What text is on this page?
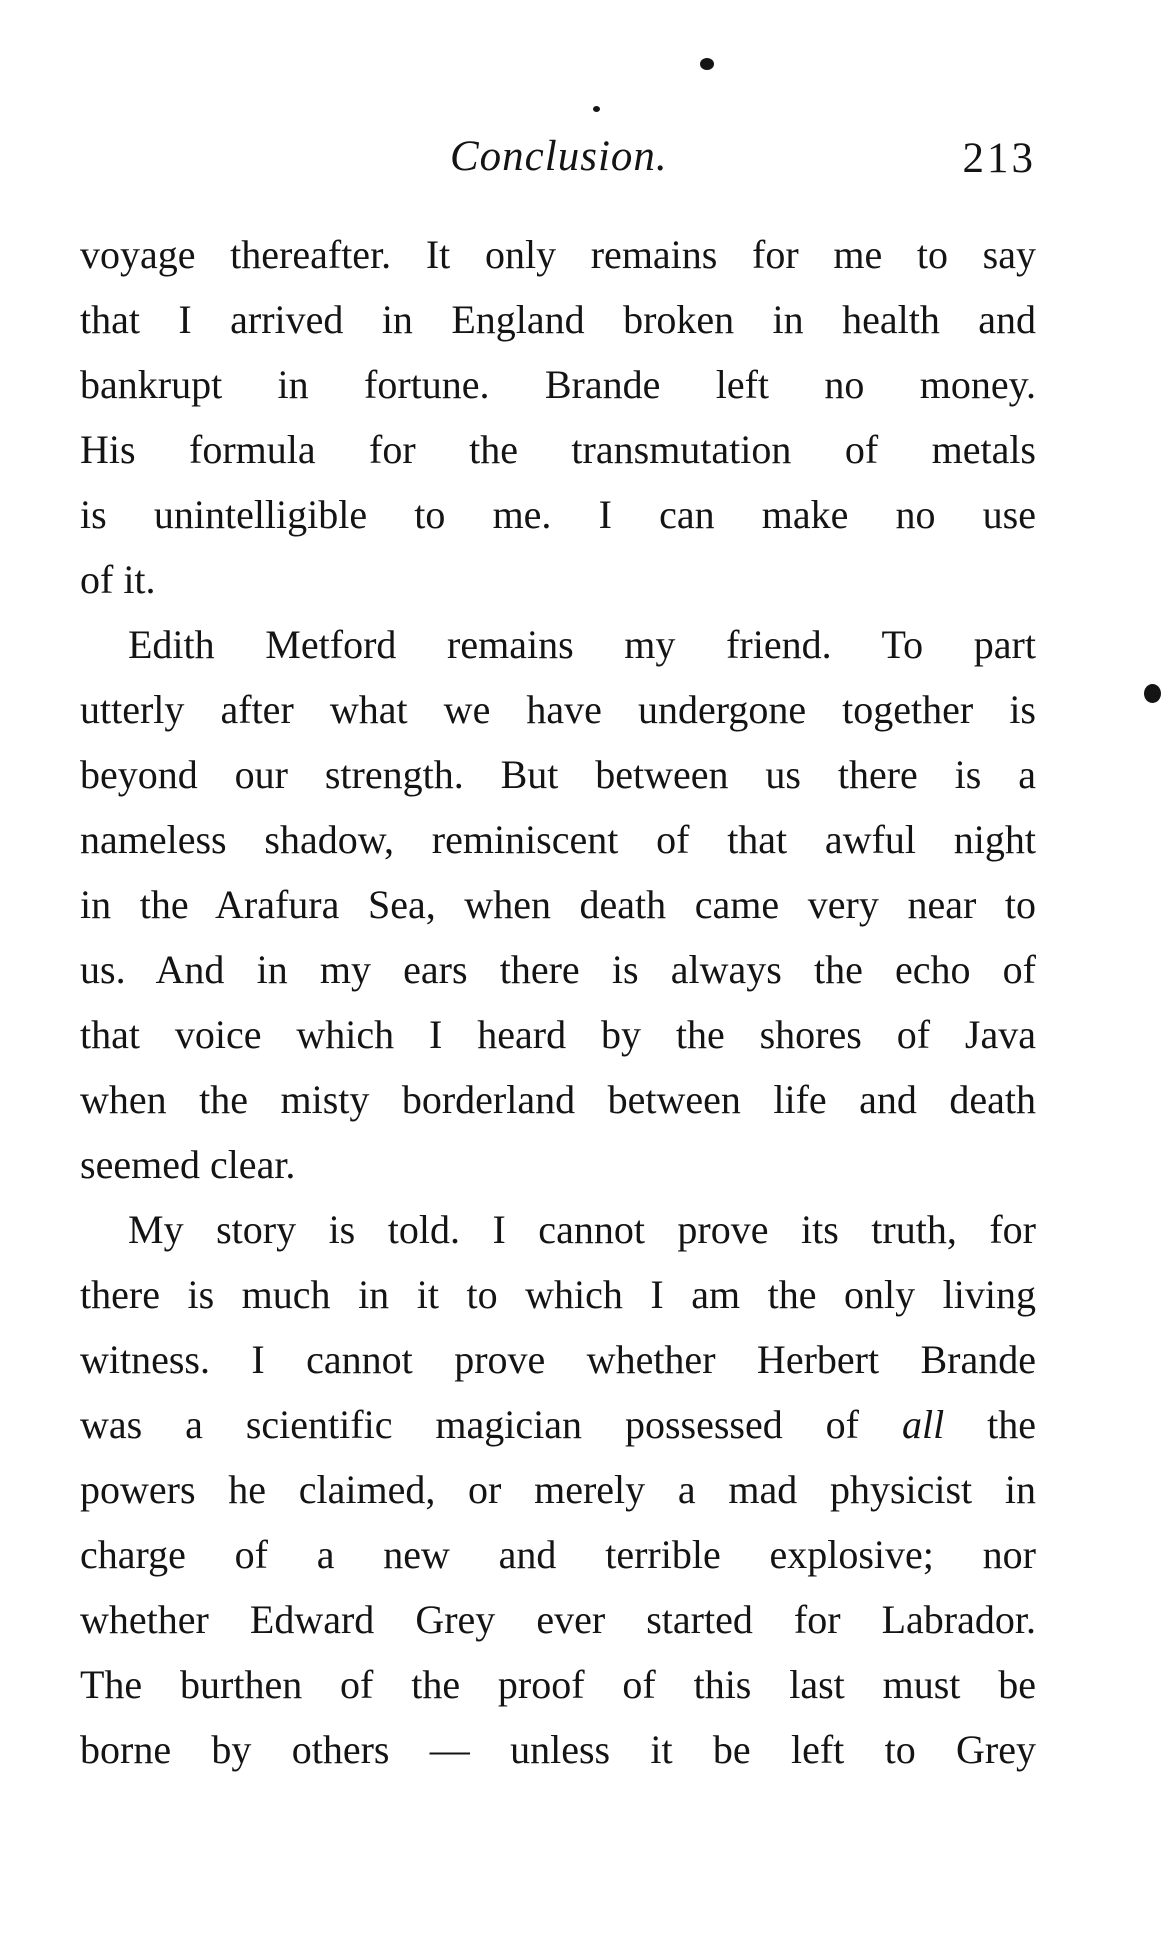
Conclusion.	213
voyage thereafter. It only remains for me to say
that I arrived in England broken in health and
bankrupt in fortune. Brande left no money.
His formula for the transmutation of metals
is unintelligible to me. I can make no use
of it.
Edith Metford remains my friend. To part
utterly after what we have undergone together is
beyond our strength. But between us there is a
nameless shadow, reminiscent of that awful night
in the Arafura Sea, when death came very near to
us. And in my ears there is always the echo of
that voice which I heard by the shores of Java
when the misty borderland between life and death
seemed clear.
My story is told. I cannot prove its truth, for
there is much in it to which I am the only living
witness. I cannot prove whether Herbert Brande
was a scientific magician possessed of all the
powers he claimed, or merely a mad physicist in
charge of a new and terrible explosive; nor
whether Edward Grey ever started for Labrador.
The burthen of the proof of this last must be
borne by others — unless it be left to Grey
